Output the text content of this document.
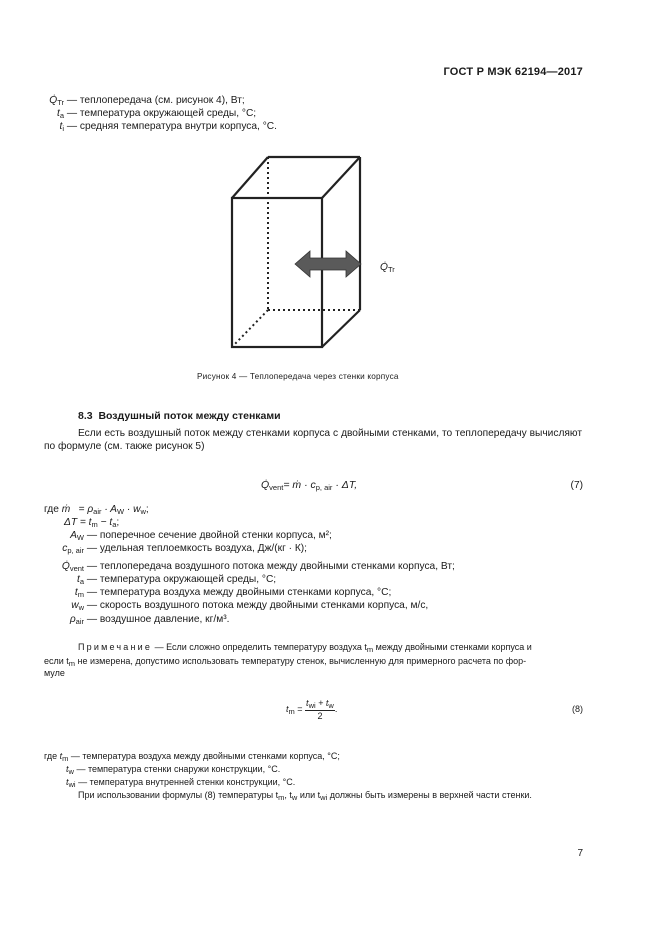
ГОСТ Р МЭК 62194—2017
$Q̇_{Tr}$ — теплопередача (см. рисунок 4), Вт;
$t_a$ — температура окружающей среды, °С;
$t_i$ — средняя температура внутри корпуса, °С.
$Q̇_{Tr}$
Рисунок 4 — Теплопередача через стенки корпуса
8.3 Воздушный поток между стенками
Если есть воздушный поток между стенками корпуса с двойными стенками, то теплопередачу вычисляют по формуле (см. также рисунок 5)
$Q̇_{vent}=$ ṁ · $c_{p, air} \cdot \Delta T$,	(7)
где ṁ = $\rho_{air} \cdot A_W \cdot w_w$;
$\Delta T = t_m - t_a$;
$A_W$ — поперечное сечение двойной стенки корпуса, м²;
$c_{p, air}$ — удельная теплоемкость воздуха, Дж/(кг · К);
$Q̇_{vent}$ — теплопередача воздушного потока между двойными стенками корпуса, Вт;
$t_a$ — температура окружающей среды, °С;
$t_m$ — температура воздуха между двойными стенками корпуса, °С;
$w_w$ — скорость воздушного потока между двойными стенками корпуса, м/с,
$\rho_{air}$ — воздушное давление, кг/м³.
Примечание — Если сложно определить температуру воздуха $t_m$ между двойными стенками корпуса и
если $t_m$ не измерена, допустимо использовать температуру стенок, вычисленную для примерного расчета по фор-
муле
$t_m$ =
$t_{wi} + t_w$
2
.	(8)
где $t_m$ — температура воздуха между двойными стенками корпуса, °С;
$t_w$ — температура стенки снаружи конструкции, °С.
$t_{wi}$ — температура внутренней стенки конструкции, °С.
При использовании формулы (8) температуры $t_m$, $t_w$ или $t_{wi}$ должны быть измерены в верхней части стенки.
7
